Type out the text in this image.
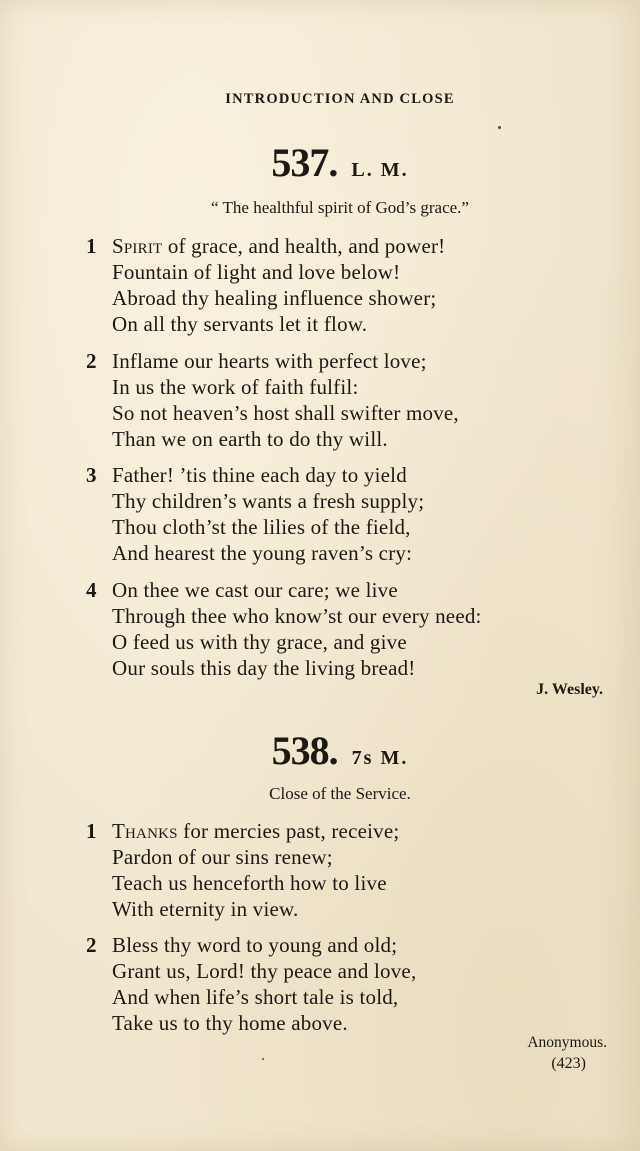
INTRODUCTION AND CLOSE
537. L. M.
“ The healthful spirit of God’s grace.”
1 Spirit of grace, and health, and power!
Fountain of light and love below!
Abroad thy healing influence shower;
On all thy servants let it flow.
2 Inflame our hearts with perfect love;
In us the work of faith fulfil:
So not heaven’s host shall swifter move,
Than we on earth to do thy will.
3 Father! ’tis thine each day to yield
Thy children’s wants a fresh supply;
Thou cloth’st the lilies of the field,
And hearest the young raven’s cry:
4 On thee we cast our care; we live
Through thee who know’st our every need:
O feed us with thy grace, and give
Our souls this day the living bread!
J. Wesley.
538. 7s M.
Close of the Service.
1 Thanks for mercies past, receive;
Pardon of our sins renew;
Teach us henceforth how to live
With eternity in view.
2 Bless thy word to young and old;
Grant us, Lord! thy peace and love,
And when life’s short tale is told,
Take us to thy home above.
Anonymous.
(423)
